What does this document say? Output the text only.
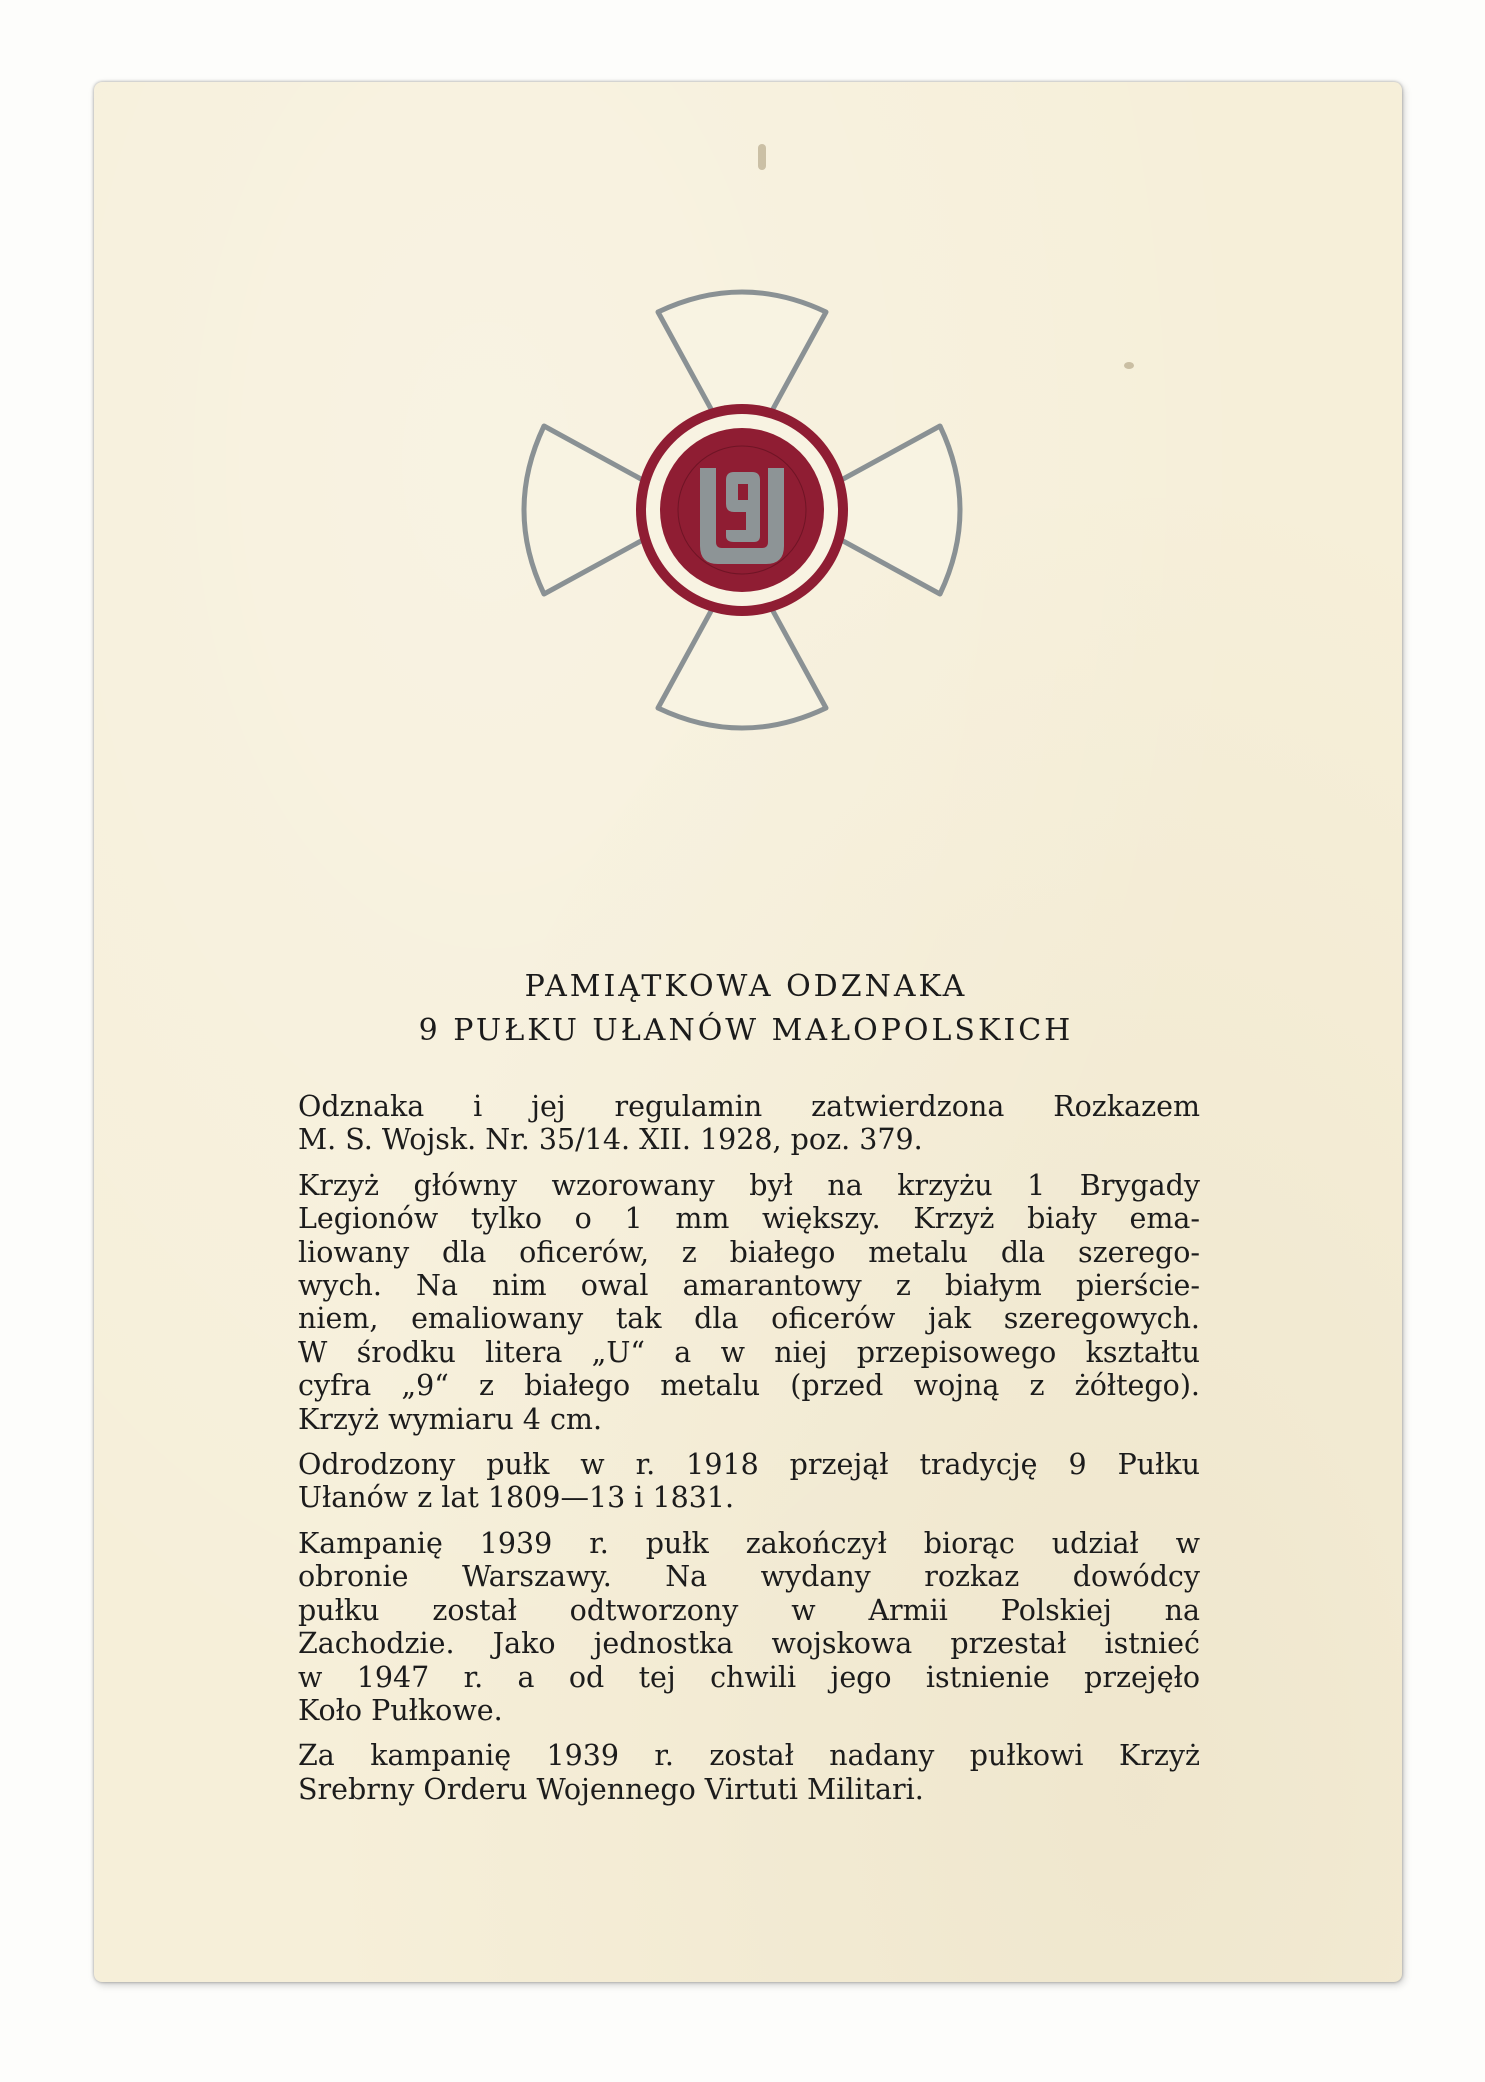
PAMIĄTKOWA ODZNAKA
9 PUŁKU UŁANÓW MAŁOPOLSKICH
Odznaka i jej regulamin zatwierdzona Rozkazem
M. S. Wojsk. Nr. 35/14. XII. 1928, poz. 379.
Krzyż główny wzorowany był na krzyżu 1 Brygady
Legionów tylko o 1 mm większy. Krzyż biały ema-
liowany dla oficerów, z białego metalu dla szerego-
wych. Na nim owal amarantowy z białym pierście-
niem, emaliowany tak dla oficerów jak szeregowych.
W środku litera „U“ a w niej przepisowego kształtu
cyfra „9“ z białego metalu (przed wojną z żółtego).
Krzyż wymiaru 4 cm.
Odrodzony pułk w r. 1918 przejął tradycję 9 Pułku
Ułanów z lat 1809—13 i 1831.
Kampanię 1939 r. pułk zakończył biorąc udział w
obronie Warszawy. Na wydany rozkaz dowódcy
pułku został odtworzony w Armii Polskiej na
Zachodzie. Jako jednostka wojskowa przestał istnieć
w 1947 r. a od tej chwili jego istnienie przejęło
Koło Pułkowe.
Za kampanię 1939 r. został nadany pułkowi Krzyż
Srebrny Orderu Wojennego Virtuti Militari.
